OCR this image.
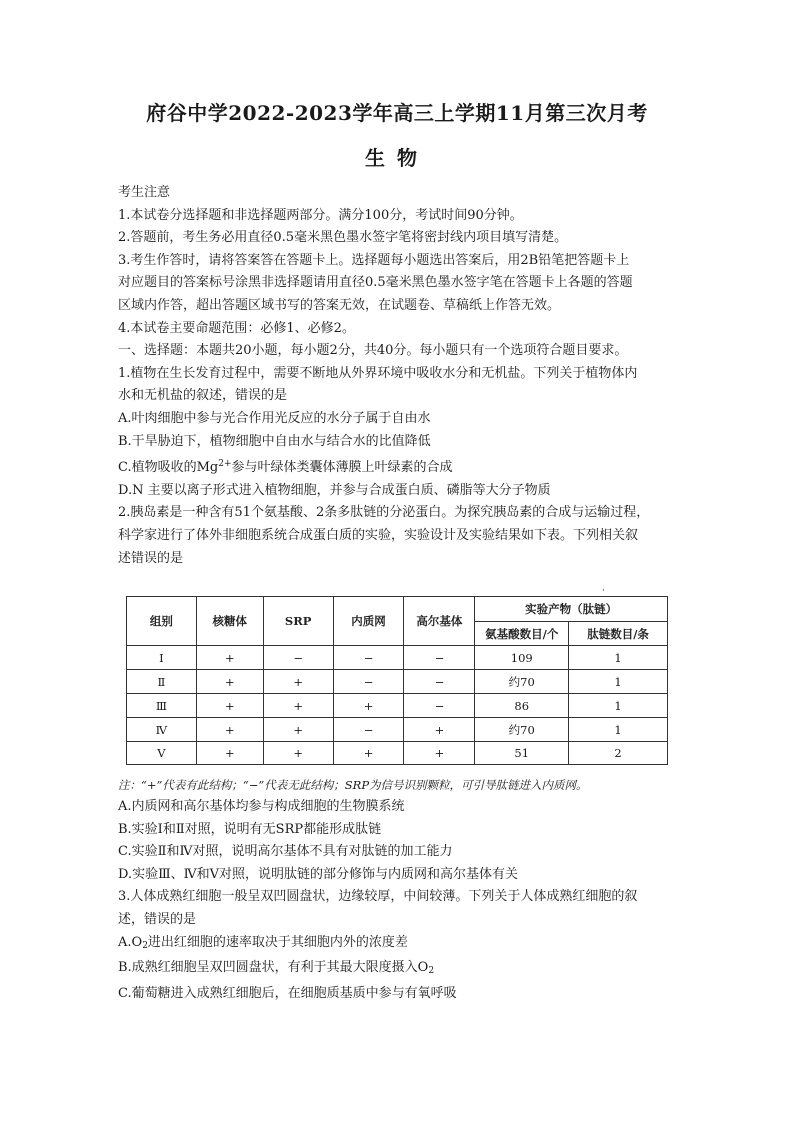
府谷中学2022-2023学年高三上学期11月第三次月考
生物

考生注意

1.本试卷分选择题和非选择题两部分。满分100分，考试时间90分钟。

2.答题前，考生务必用直径0.5毫米黑色墨水签字笔将密封线内项目填写清楚。

3.考生作答时，请将答案答在答题卡上。选择题每小题选出答案后，用2B铅笔把答题卡上

对应题目的答案标号涂黑非选择题请用直径0.5毫米黑色墨水签字笔在答题卡上各题的答题

区域内作答，超出答题区域书写的答案无效，在试题卷、草稿纸上作答无效。

4.本试卷主要命题范围：必修1、必修2。

一、选择题：本题共20小题，每小题2分，共40分。每小题只有一个选项符合题目要求。

1.植物在生长发育过程中，需要不断地从外界环境中吸收水分和无机盐。下列关于植物体内

水和无机盐的叙述，错误的是

A.叶肉细胞中参与光合作用光反应的水分子属于自由水

B.干旱胁迫下，植物细胞中自由水与结合水的比值降低

C.植物吸收的$Mg^{2+}$参与叶绿体类囊体薄膜上叶绿素的合成

D.N 主要以离子形式进入植物细胞，并参与合成蛋白质、磷脂等大分子物质

2.胰岛素是一种含有51个氨基酸、2条多肽链的分泌蛋白。为探究胰岛素的合成与运输过程，

科学家进行了体外非细胞系统合成蛋白质的实验，实验设计及实验结果如下表。下列相关叙

述错误的是

·
组别	核糖体	SRP	内质网	高尔基体	实验产物（肽链）	
					氨基酸数目/个	肽链数目/条
Ⅰ	+	−	−	−	109	1
Ⅱ	+	+	−	−	约70	1
Ⅲ	+	+	+	−	86	1
Ⅳ	+	+	−	+	约70	1
Ⅴ	+	+	+	+	51	2
注：“+”代表有此结构；“−”代表无此结构；SRP为信号识别颗粒，可引导肽链进入内质网。

A.内质网和高尔基体均参与构成细胞的生物膜系统

B.实验Ⅰ和Ⅱ对照，说明有无SRP都能形成肽链

C.实验Ⅱ和Ⅳ对照，说明高尔基体不具有对肽链的加工能力

D.实验Ⅲ、Ⅳ和Ⅴ对照，说明肽链的部分修饰与内质网和高尔基体有关

3.人体成熟红细胞一般呈双凹圆盘状，边缘较厚，中间较薄。下列关于人体成熟红细胞的叙

述，错误的是

$A.O_2$进出红细胞的速率取决于其细胞内外的浓度差

B.成熟红细胞呈双凹圆盘状，有利于其最大限度摄入$O_2$

C.葡萄糖进入成熟红细胞后，在细胞质基质中参与有氧呼吸
